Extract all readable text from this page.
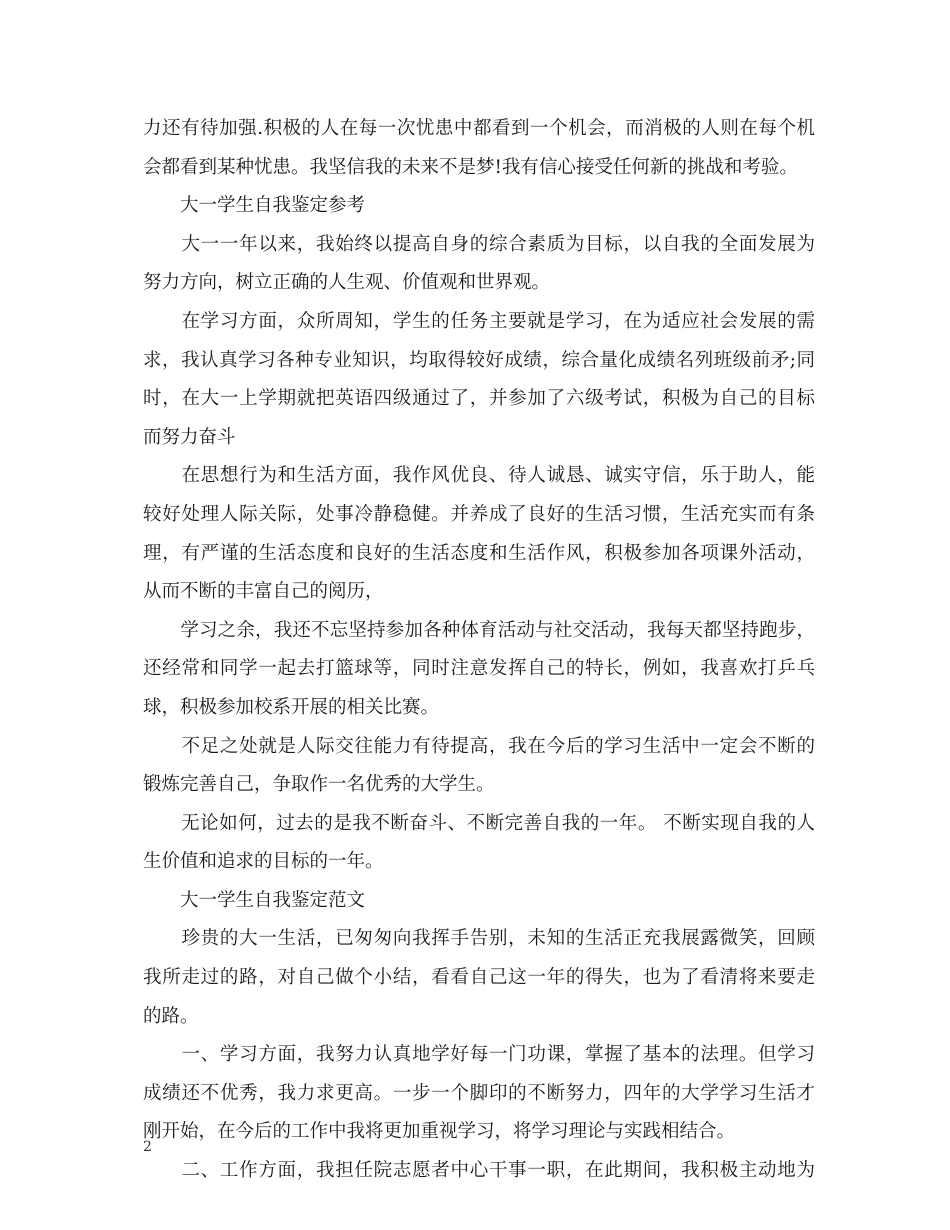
力还有待加强.积极的人在每一次忧患中都看到一个机会，而消极的人则在每个机
会都看到某种忧患。我坚信我的未来不是梦!我有信心接受任何新的挑战和考验。
　　大一学生自我鉴定参考
　　大一一年以来，我始终以提高自身的综合素质为目标，以自我的全面发展为
努力方向，树立正确的人生观、价值观和世界观。
　　在学习方面，众所周知，学生的任务主要就是学习，在为适应社会发展的需
求，我认真学习各种专业知识，均取得较好成绩，综合量化成绩名列班级前矛;同
时，在大一上学期就把英语四级通过了，并参加了六级考试，积极为自己的目标
而努力奋斗
　　在思想行为和生活方面，我作风优良、待人诚恳、诚实守信，乐于助人，能
较好处理人际关际，处事冷静稳健。并养成了良好的生活习惯，生活充实而有条
理，有严谨的生活态度和良好的生活态度和生活作风，积极参加各项课外活动，
从而不断的丰富自己的阅历，
　　学习之余，我还不忘坚持参加各种体育活动与社交活动，我每天都坚持跑步，
还经常和同学一起去打篮球等，同时注意发挥自己的特长，例如，我喜欢打乒乓
球，积极参加校系开展的相关比赛。
　　不足之处就是人际交往能力有待提高，我在今后的学习生活中一定会不断的
锻炼完善自己，争取作一名优秀的大学生。
　　无论如何，过去的是我不断奋斗、不断完善自我的一年。 不断实现自我的人
生价值和追求的目标的一年。
　　大一学生自我鉴定范文
　　珍贵的大一生活，已匆匆向我挥手告别，未知的生活正充我展露微笑，回顾
我所走过的路，对自己做个小结，看看自己这一年的得失，也为了看清将来要走
的路。
　　一、学习方面，我努力认真地学好每一门功课，掌握了基本的法理。但学习
成绩还不优秀，我力求更高。一步一个脚印的不断努力，四年的大学学习生活才
刚开始，在今后的工作中我将更加重视学习，将学习理论与实践相结合。
　　二、工作方面，我担任院志愿者中心干事一职，在此期间，我积极主动地为
2
